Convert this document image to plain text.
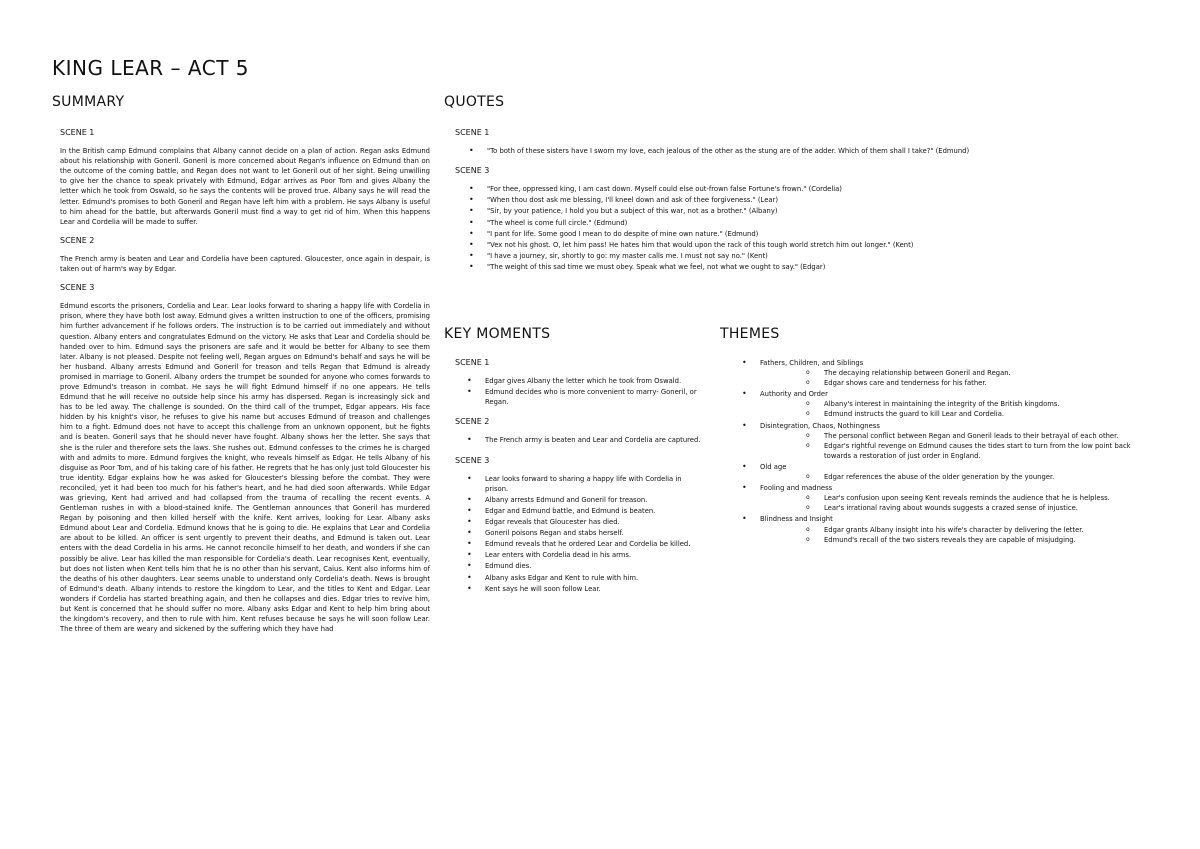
KING LEAR – ACT 5
SUMMARY	QUOTES
KEY MOMENTS	THEMES
SCENE 1

In the British camp Edmund complains that Albany cannot decide on a plan of action. Regan asks Edmund about his relationship with Goneril. Goneril is more concerned about Regan's influence on Edmund than on the outcome of the coming battle, and Regan does not want to let Goneril out of her sight. Being unwilling to give her the chance to speak privately with Edmund, Edgar arrives as Poor Tom and gives Albany the letter which he took from Oswald, so he says the contents will be proved true. Albany says he will read the letter. Edmund's promises to both Goneril and Regan have left him with a problem. He says Albany is useful to him ahead for the battle, but afterwards Goneril must find a way to get rid of him. When this happens Lear and Cordelia will be made to suffer.

SCENE 2

The French army is beaten and Lear and Cordelia have been captured. Gloucester, once again in despair, is taken out of harm's way by Edgar.

SCENE 3

Edmund escorts the prisoners, Cordelia and Lear. Lear looks forward to sharing a happy life with Cordelia in prison, where they have both lost away. Edmund gives a written instruction to one of the officers, promising him further advancement if he follows orders. The instruction is to be carried out immediately and without question. Albany enters and congratulates Edmund on the victory. He asks that Lear and Cordelia should be handed over to him. Edmund says the prisoners are safe and it would be better for Albany to see them later. Albany is not pleased. Despite not feeling well, Regan argues on Edmund's behalf and says he will be her husband. Albany arrests Edmund and Goneril for treason and tells Regan that Edmund is already promised in marriage to Goneril. Albany orders the trumpet be sounded for anyone who comes forwards to prove Edmund's treason in combat. He says he will fight Edmund himself if no one appears. He tells Edmund that he will receive no outside help since his army has dispersed. Regan is increasingly sick and has to be led away. The challenge is sounded. On the third call of the trumpet, Edgar appears. His face hidden by his knight's visor, he refuses to give his name but accuses Edmund of treason and challenges him to a fight. Edmund does not have to accept this challenge from an unknown opponent, but he fights and is beaten. Goneril says that he should never have fought. Albany shows her the letter. She says that she is the ruler and therefore sets the laws. She rushes out. Edmund confesses to the crimes he is charged with and admits to more. Edmund forgives the knight, who reveals himself as Edgar. He tells Albany of his disguise as Poor Tom, and of his taking care of his father. He regrets that he has only just told Gloucester his true identity. Edgar explains how he was asked for Gloucester's blessing before the combat. They were reconciled, yet it had been too much for his father's heart, and he had died soon afterwards. While Edgar was grieving, Kent had arrived and had collapsed from the trauma of recalling the recent events. A Gentleman rushes in with a blood-stained knife. The Gentleman announces that Goneril has murdered Regan by poisoning and then killed herself with the knife. Kent arrives, looking for Lear. Albany asks Edmund about Lear and Cordelia. Edmund knows that he is going to die. He explains that Lear and Cordelia are about to be killed. An officer is sent urgently to prevent their deaths, and Edmund is taken out. Lear enters with the dead Cordelia in his arms. He cannot reconcile himself to her death, and wonders if she can possibly be alive. Lear has killed the man responsible for Cordelia's death. Lear recognises Kent, eventually, but does not listen when Kent tells him that he is no other than his servant, Caius. Kent also informs him of the deaths of his other daughters. Lear seems unable to understand only Cordelia's death. News is brought of Edmund's death. Albany intends to restore the kingdom to Lear, and the titles to Kent and Edgar. Lear wonders if Cordelia has started breathing again, and then he collapses and dies. Edgar tries to revive him, but Kent is concerned that he should suffer no more. Albany asks Edgar and Kent to help him bring about the kingdom's recovery, and then to rule with him. Kent refuses because he says he will soon follow Lear. The three of them are weary and sickened by the suffering which they have had

SCENE 1
• "To both of these sisters have I sworn my love, each jealous of the other as the stung are of the adder. Which of them shall I take?" (Edmund)
SCENE 3
• "For thee, oppressed king, I am cast down. Myself could else out-frown false Fortune's frown." (Cordelia)
• "When thou dost ask me blessing, I'll kneel down and ask of thee forgiveness." (Lear)
• "Sir, by your patience, I hold you but a subject of this war, not as a brother." (Albany)
• "The wheel is come full circle." (Edmund)
• "I pant for life. Some good I mean to do despite of mine own nature." (Edmund)
• "Vex not his ghost. O, let him pass! He hates him that would upon the rack of this tough world stretch him out longer." (Kent)
• "I have a journey, sir, shortly to go: my master calls me. I must not say no." (Kent)
• "The weight of this sad time we must obey. Speak what we feel, not what we ought to say." (Edgar)
SCENE 1
• Edgar gives Albany the letter which he took from Oswald.
• Edmund decides who is more convenient to marry- Goneril, or Regan.
SCENE 2
• The French army is beaten and Lear and Cordelia are captured.
SCENE 3
• Lear looks forward to sharing a happy life with Cordelia in prison.
• Albany arrests Edmund and Goneril for treason.
• Edgar and Edmund battle, and Edmund is beaten.
• Edgar reveals that Gloucester has died.
• Goneril poisons Regan and stabs herself.
• Edmund reveals that he ordered Lear and Cordelia be killed.
• Lear enters with Cordelia dead in his arms.
• Edmund dies.
• Albany asks Edgar and Kent to rule with him.
• Kent says he will soon follow Lear.
• Fathers, Children, and Siblings
o The decaying relationship between Goneril and Regan.
o Edgar shows care and tenderness for his father.
• Authority and Order
o Albany's interest in maintaining the integrity of the British kingdoms.
o Edmund instructs the guard to kill Lear and Cordelia.
• Disintegration, Chaos, Nothingness
o The personal conflict between Regan and Goneril leads to their betrayal of each other.
o Edgar's rightful revenge on Edmund causes the tides start to turn from the low point back towards a restoration of just order in England.
• Old age
o Edgar references the abuse of the older generation by the younger.
• Fooling and madness
o Lear's confusion upon seeing Kent reveals reminds the audience that he is helpless.
o Lear's irrational raving about wounds suggests a crazed sense of injustice.
• Blindness and Insight
o Edgar grants Albany insight into his wife's character by delivering the letter.
o Edmund's recall of the two sisters reveals they are capable of misjudging.
